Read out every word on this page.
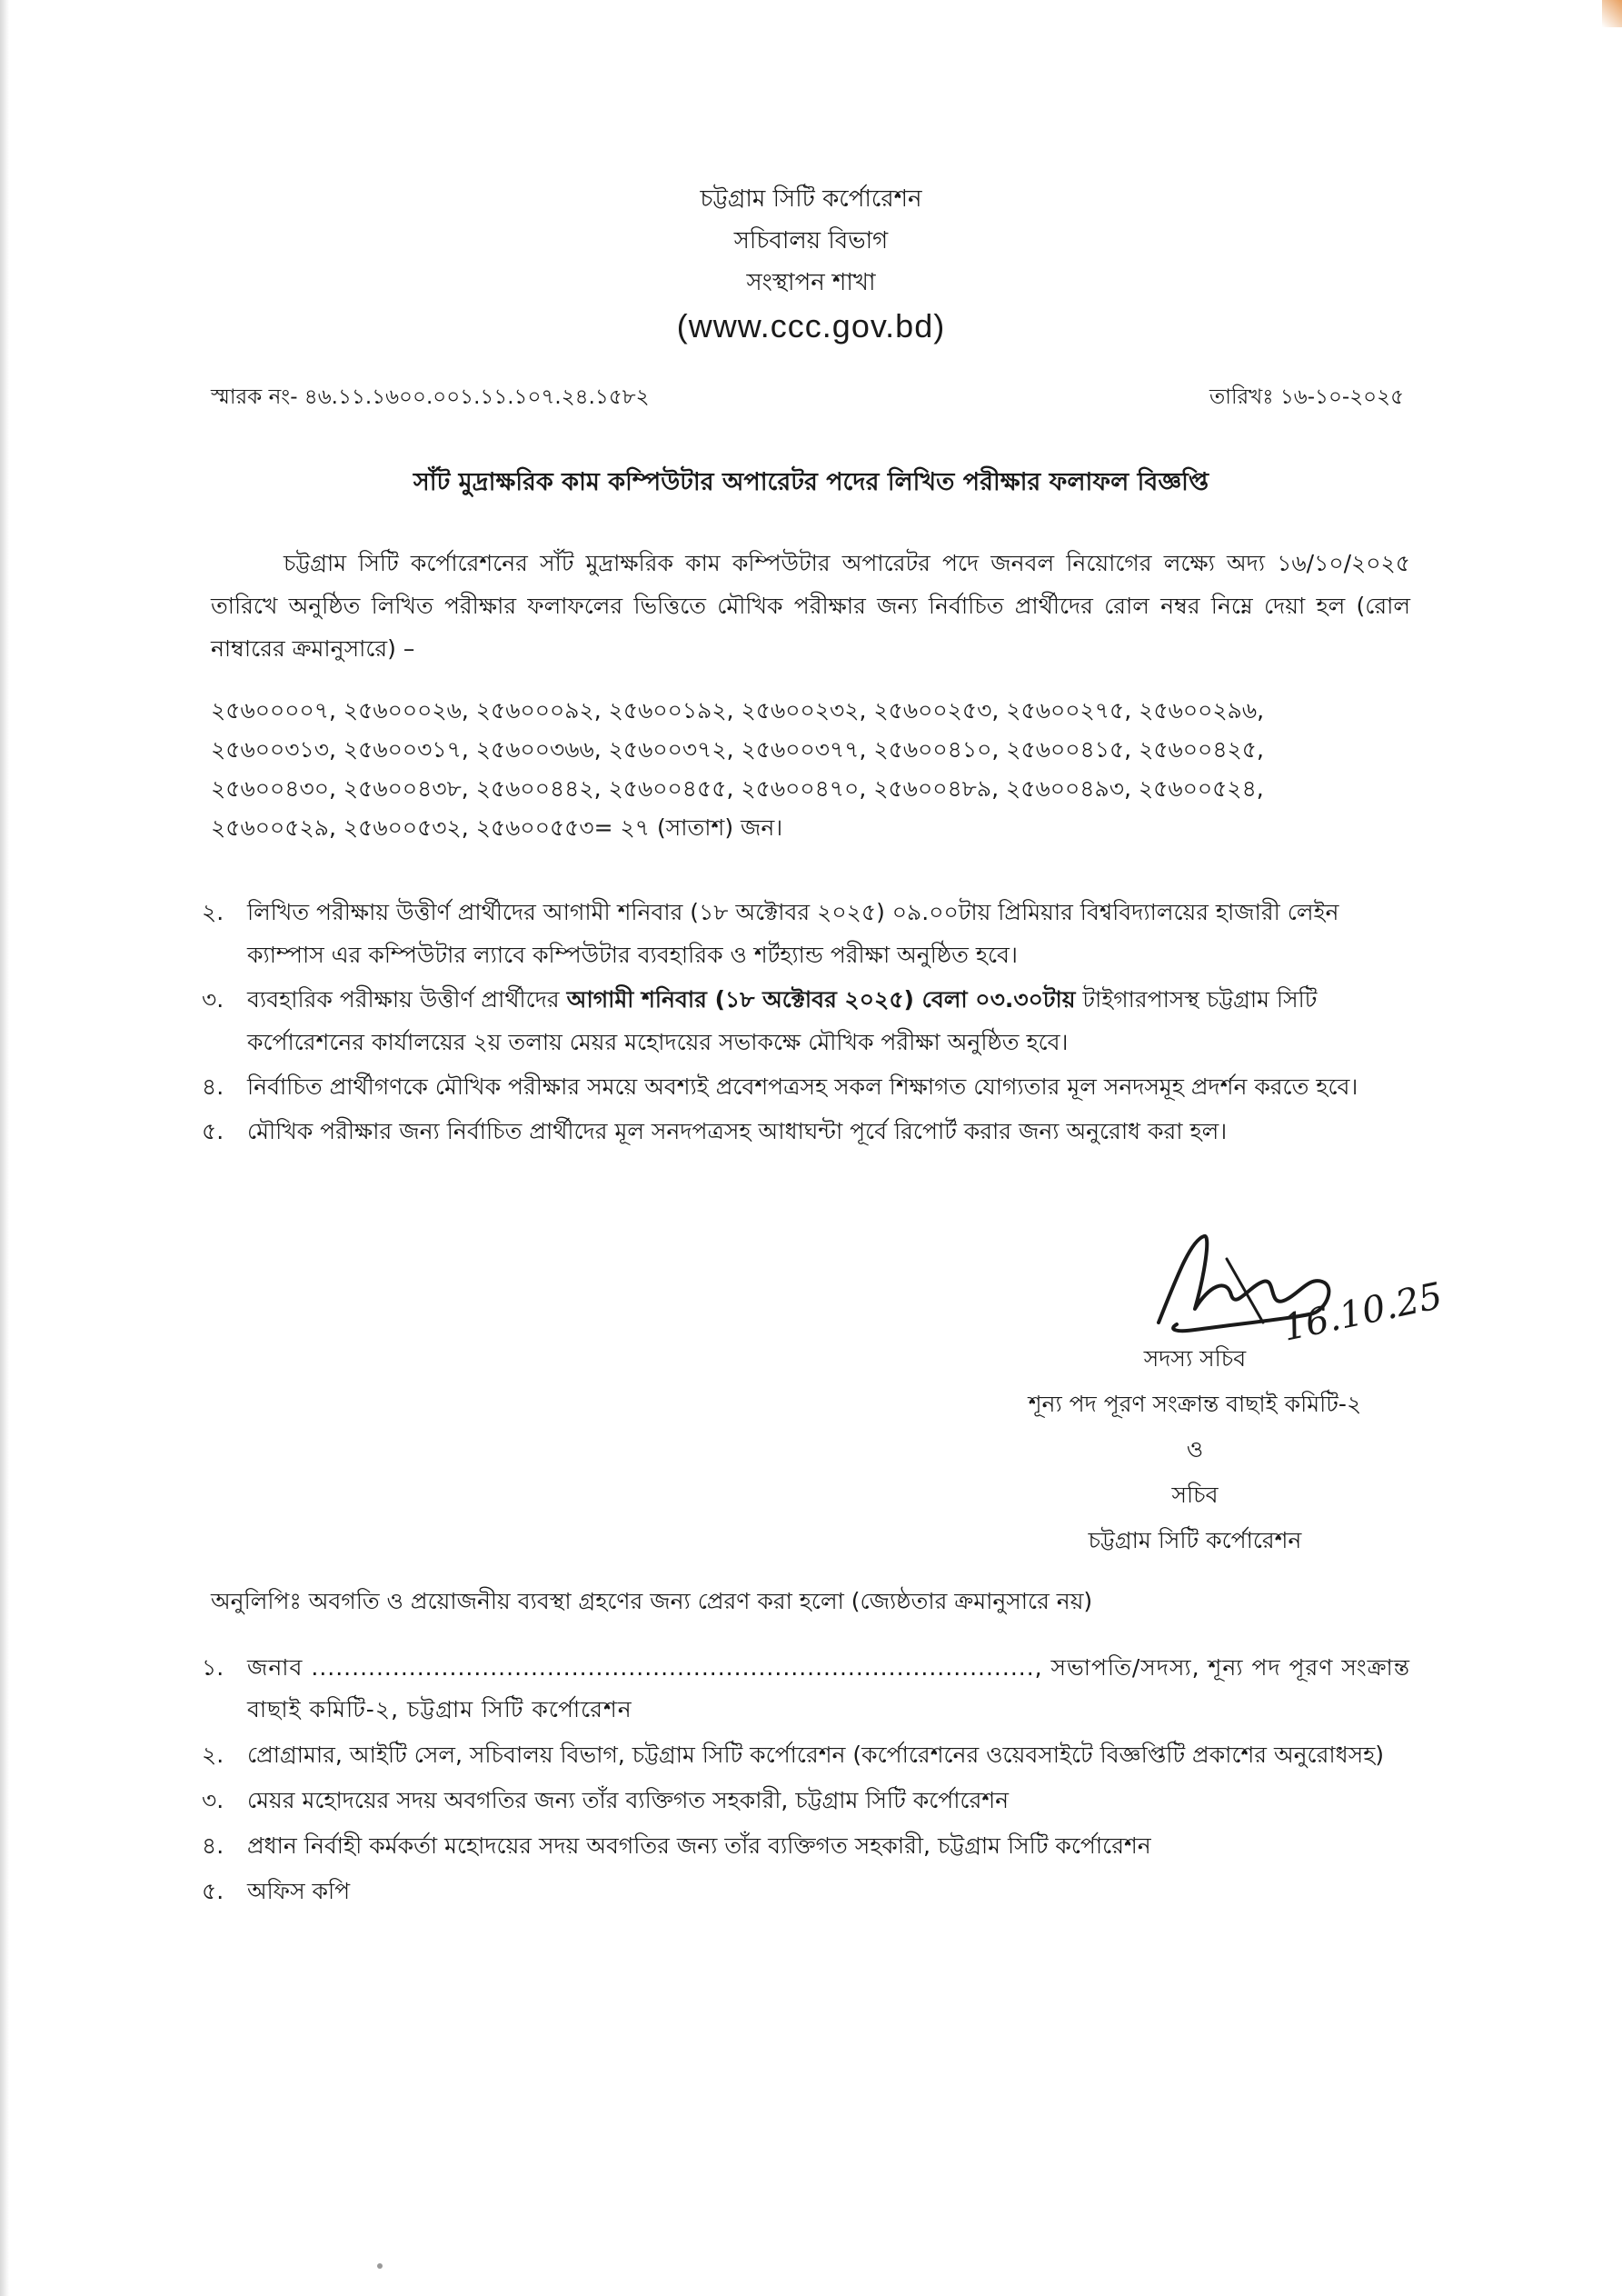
চট্টগ্রাম সিটি কর্পোরেশন
সচিবালয় বিভাগ
সংস্থাপন শাখা
(www.ccc.gov.bd)
স্মারক নং- ৪৬.১১.১৬০০.০০১.১১.১০৭.২৪.১৫৮২	তারিখঃ ১৬-১০-২০২৫
সাঁট মুদ্রাক্ষরিক কাম কম্পিউটার অপারেটর পদের লিখিত পরীক্ষার ফলাফল বিজ্ঞপ্তি
চট্টগ্রাম সিটি কর্পোরেশনের সাঁট মুদ্রাক্ষরিক কাম কম্পিউটার অপারেটর পদে জনবল নিয়োগের লক্ষ্যে অদ্য ১৬/১০/২০২৫ তারিখে অনুষ্ঠিত লিখিত পরীক্ষার ফলাফলের ভিত্তিতে মৌখিক পরীক্ষার জন্য নির্বাচিত প্রার্থীদের রোল নম্বর নিম্নে দেয়া হল (রোল নাম্বারের ক্রমানুসারে) –
২৫৬০০০০৭, ২৫৬০০০২৬, ২৫৬০০০৯২, ২৫৬০০১৯২, ২৫৬০০২৩২, ২৫৬০০২৫৩, ২৫৬০০২৭৫, ২৫৬০০২৯৬,
২৫৬০০৩১৩, ২৫৬০০৩১৭, ২৫৬০০৩৬৬, ২৫৬০০৩৭২, ২৫৬০০৩৭৭, ২৫৬০০৪১০, ২৫৬০০৪১৫, ২৫৬০০৪২৫,
২৫৬০০৪৩০, ২৫৬০০৪৩৮, ২৫৬০০৪৪২, ২৫৬০০৪৫৫, ২৫৬০০৪৭০, ২৫৬০০৪৮৯, ২৫৬০০৪৯৩, ২৫৬০০৫২৪,
২৫৬০০৫২৯, ২৫৬০০৫৩২, ২৫৬০০৫৫৩= ২৭ (সাতাশ) জন।
২. লিখিত পরীক্ষায় উত্তীর্ণ প্রার্থীদের আগামী শনিবার (১৮ অক্টোবর ২০২৫) ০৯.০০টায় প্রিমিয়ার বিশ্ববিদ্যালয়ের হাজারী লেইন ক্যাম্পাস এর কম্পিউটার ল্যাবে কম্পিউটার ব্যবহারিক ও শর্টহ্যান্ড পরীক্ষা অনুষ্ঠিত হবে।
৩. ব্যবহারিক পরীক্ষায় উত্তীর্ণ প্রার্থীদের আগামী শনিবার (১৮ অক্টোবর ২০২৫) বেলা ০৩.৩০টায় টাইগারপাসস্থ চট্টগ্রাম সিটি কর্পোরেশনের কার্যালয়ের ২য় তলায় মেয়র মহোদয়ের সভাকক্ষে মৌখিক পরীক্ষা অনুষ্ঠিত হবে।
৪. নির্বাচিত প্রার্থীগণকে মৌখিক পরীক্ষার সময়ে অবশ্যই প্রবেশপত্রসহ সকল শিক্ষাগত যোগ্যতার মূল সনদসমূহ প্রদর্শন করতে হবে।
৫. মৌখিক পরীক্ষার জন্য নির্বাচিত প্রার্থীদের মূল সনদপত্রসহ আধাঘন্টা পূর্বে রিপোর্ট করার জন্য অনুরোধ করা হল।
16.10.25
সদস্য সচিব
শূন্য পদ পূরণ সংক্রান্ত বাছাই কমিটি-২
ও
সচিব
চট্টগ্রাম সিটি কর্পোরেশন
অনুলিপিঃ অবগতি ও প্রয়োজনীয় ব্যবস্থা গ্রহণের জন্য প্রেরণ করা হলো (জ্যেষ্ঠতার ক্রমানুসারে নয়)
১. জনাব ........................................................................................., সভাপতি/সদস্য, শূন্য পদ পূরণ সংক্রান্ত বাছাই কমিটি-২, চট্টগ্রাম সিটি কর্পোরেশন
২. প্রোগ্রামার, আইটি সেল, সচিবালয় বিভাগ, চট্টগ্রাম সিটি কর্পোরেশন (কর্পোরেশনের ওয়েবসাইটে বিজ্ঞপ্তিটি প্রকাশের অনুরোধসহ)
৩. মেয়র মহোদয়ের সদয় অবগতির জন্য তাঁর ব্যক্তিগত সহকারী, চট্টগ্রাম সিটি কর্পোরেশন
৪. প্রধান নির্বাহী কর্মকর্তা মহোদয়ের সদয় অবগতির জন্য তাঁর ব্যক্তিগত সহকারী, চট্টগ্রাম সিটি কর্পোরেশন
৫. অফিস কপি
